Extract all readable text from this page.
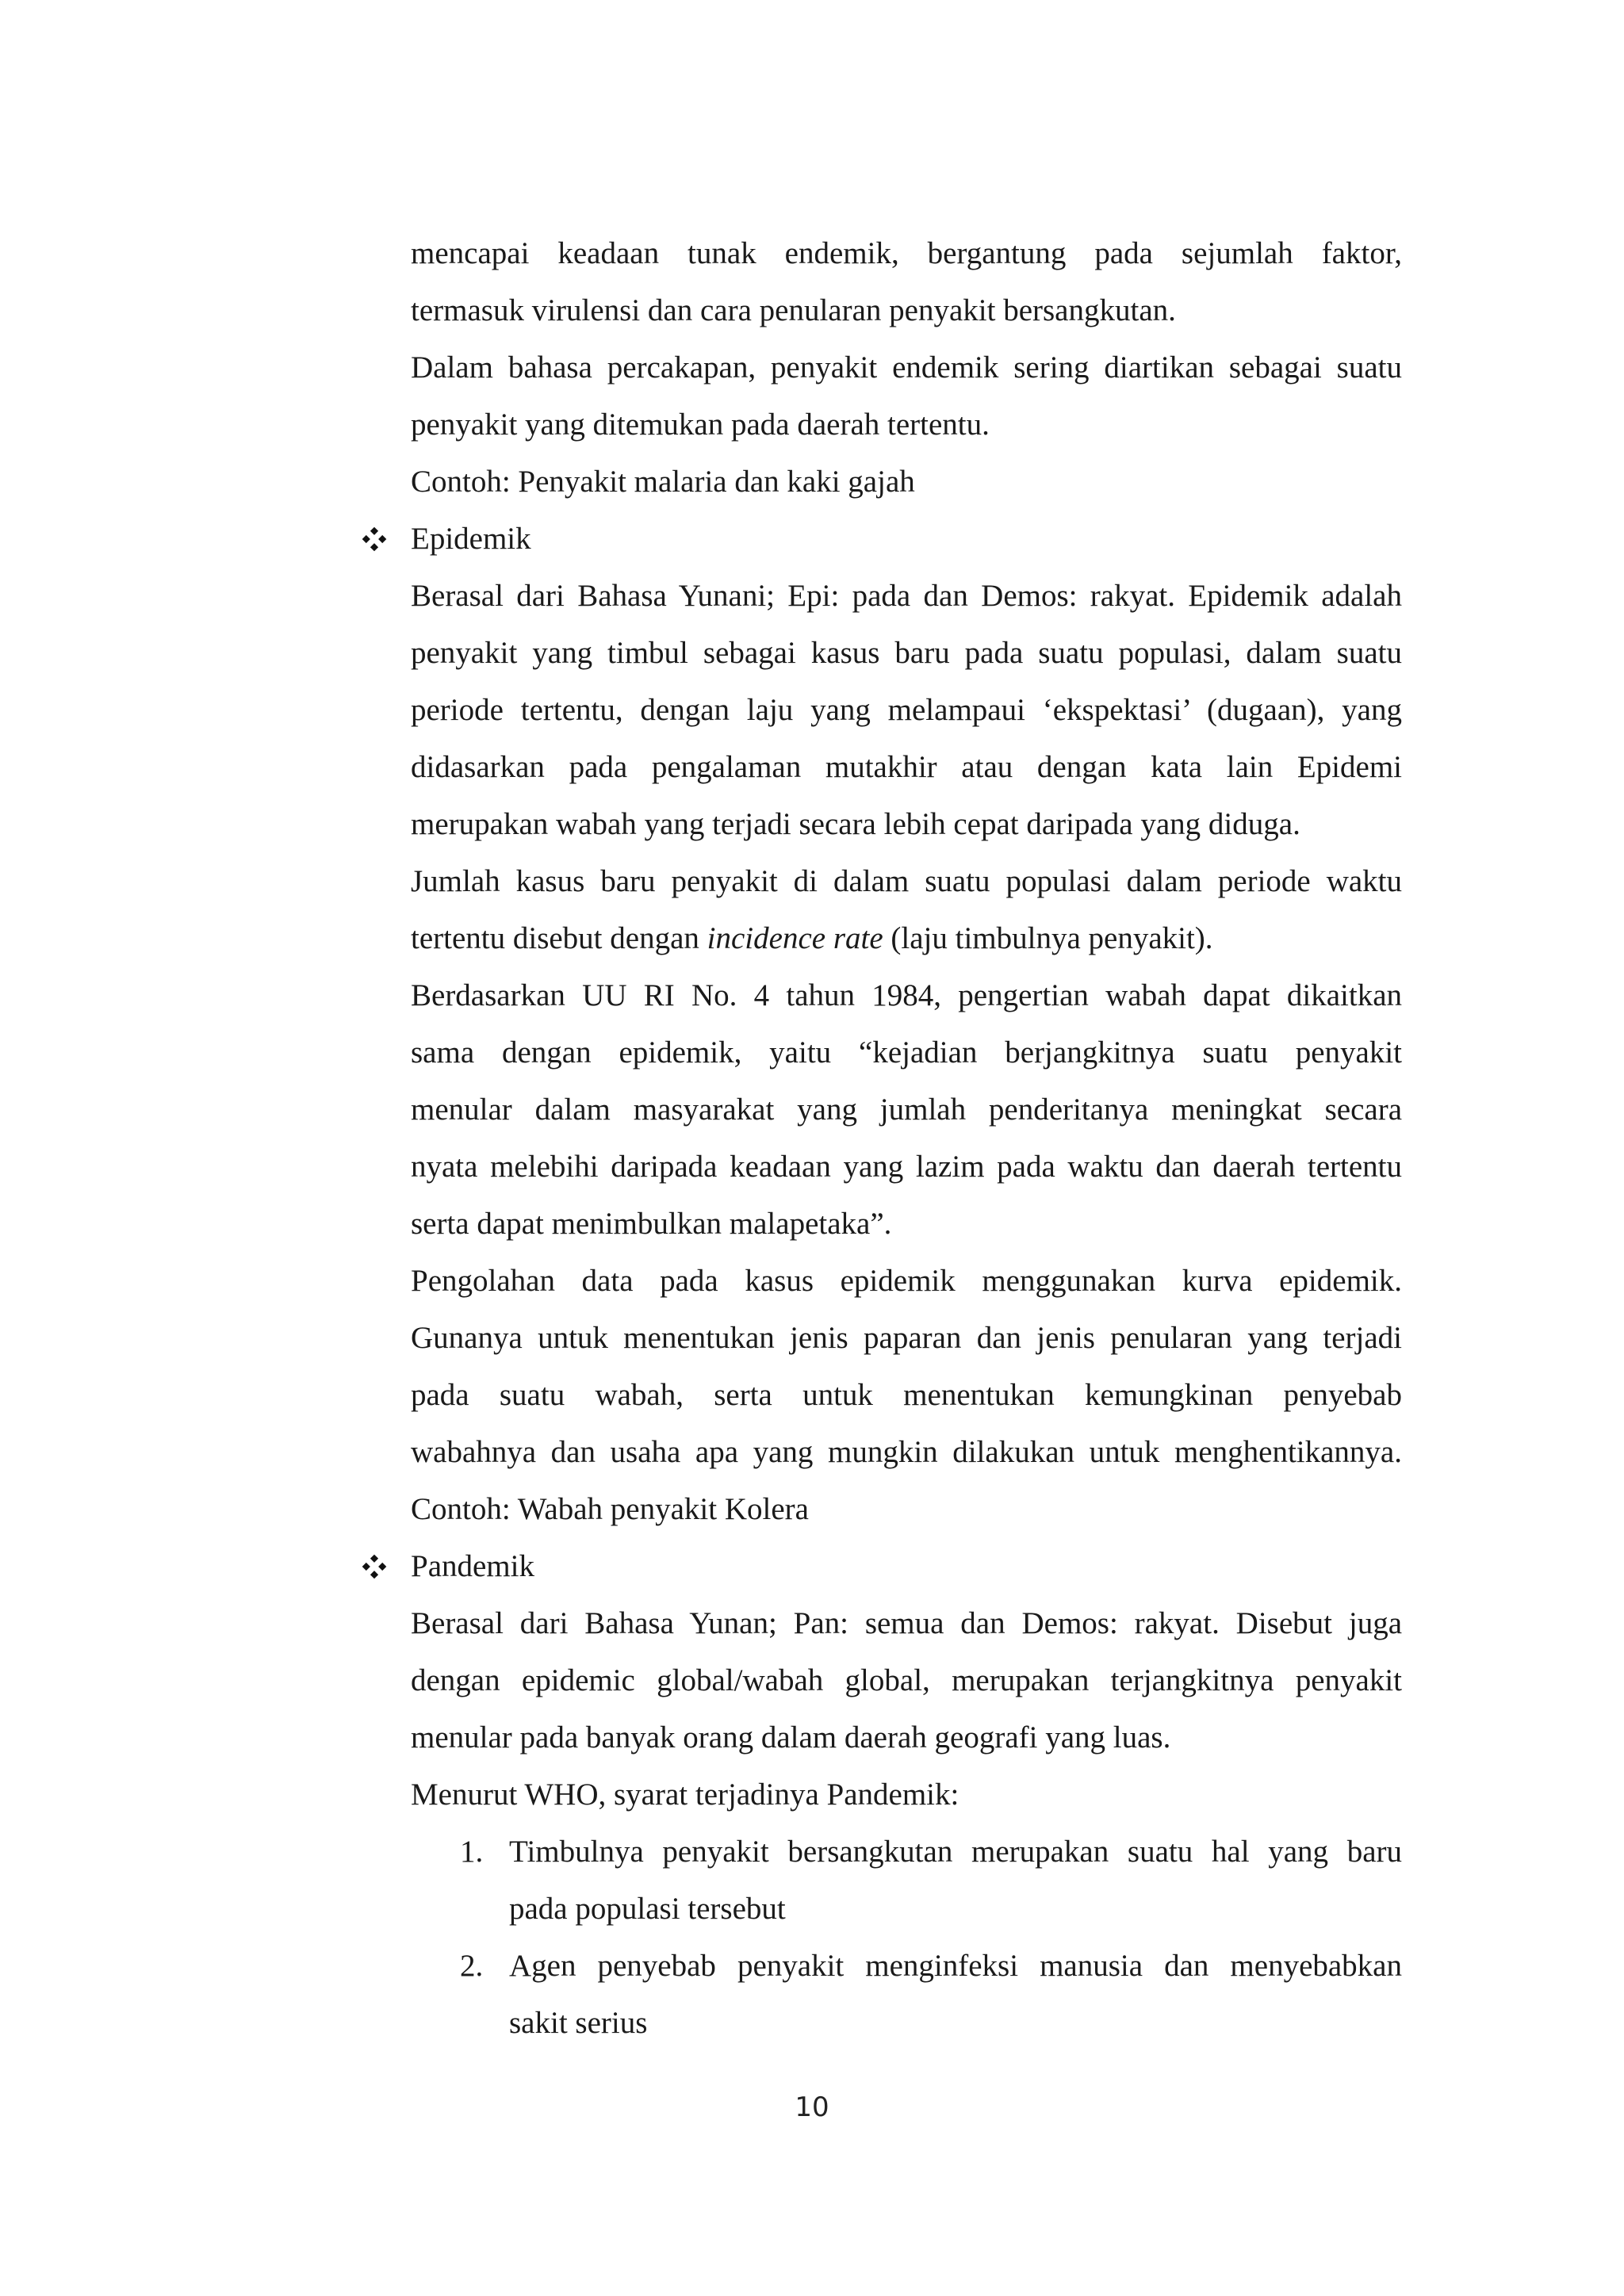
mencapai keadaan tunak endemik, bergantung pada sejumlah faktor,
termasuk virulensi dan cara penularan penyakit bersangkutan.
Dalam bahasa percakapan, penyakit endemik sering diartikan sebagai suatu
penyakit yang ditemukan pada daerah tertentu.
Contoh: Penyakit malaria dan kaki gajah
Epidemik
Berasal dari Bahasa Yunani; Epi: pada dan Demos: rakyat. Epidemik adalah
penyakit yang timbul sebagai kasus baru pada suatu populasi, dalam suatu
periode tertentu, dengan laju yang melampaui ‘ekspektasi’ (dugaan), yang
didasarkan pada pengalaman mutakhir atau dengan kata lain Epidemi
merupakan wabah yang terjadi secara lebih cepat daripada yang diduga.
Jumlah kasus baru penyakit di dalam suatu populasi dalam periode waktu
tertentu disebut dengan incidence rate (laju timbulnya penyakit).
Berdasarkan UU RI No. 4 tahun 1984, pengertian wabah dapat dikaitkan
sama dengan epidemik, yaitu “kejadian berjangkitnya suatu penyakit
menular dalam masyarakat yang jumlah penderitanya meningkat secara
nyata melebihi daripada keadaan yang lazim pada waktu dan daerah tertentu
serta dapat menimbulkan malapetaka”.
Pengolahan data pada kasus epidemik menggunakan kurva epidemik.
Gunanya untuk menentukan jenis paparan dan jenis penularan yang terjadi
pada suatu wabah, serta untuk menentukan kemungkinan penyebab
wabahnya dan usaha apa yang mungkin dilakukan untuk menghentikannya.
Contoh: Wabah penyakit Kolera
Pandemik
Berasal dari Bahasa Yunan; Pan: semua dan Demos: rakyat. Disebut juga
dengan epidemic global/wabah global, merupakan terjangkitnya penyakit
menular pada banyak orang dalam daerah geografi yang luas.
Menurut WHO, syarat terjadinya Pandemik:
1. Timbulnya penyakit bersangkutan merupakan suatu hal yang baru
pada populasi tersebut
2. Agen penyebab penyakit menginfeksi manusia dan menyebabkan
sakit serius
10
